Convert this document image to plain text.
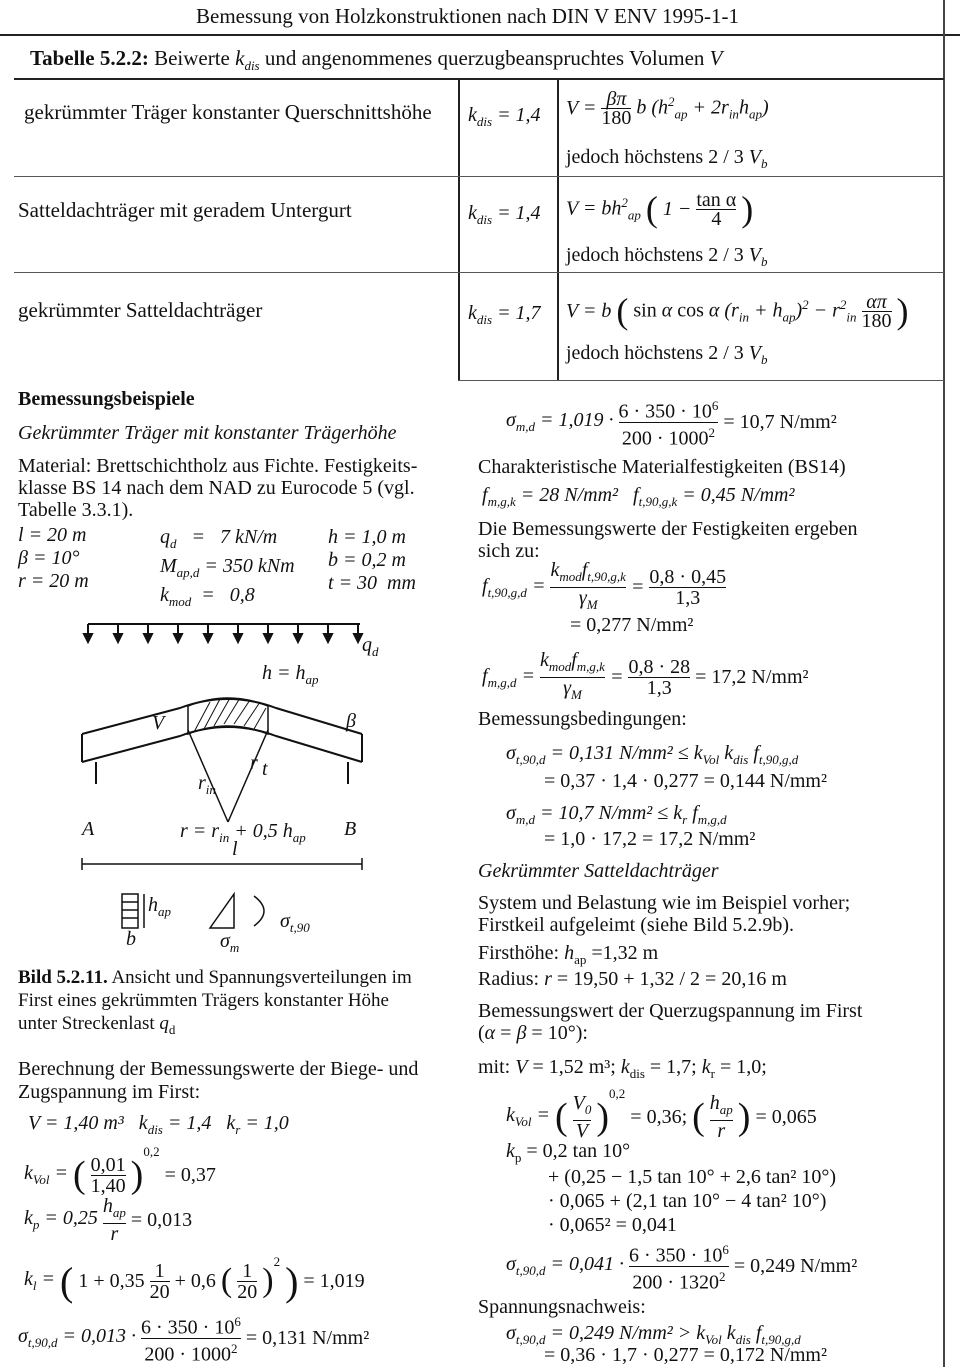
Bemessung von Holzkonstruktionen nach DIN V ENV 1995-1-1
Tabelle 5.2.2: Beiwerte $k_{dis}$ und angenommenes querzugbeanspruchtes Volumen V
gekrümmter Träger konstanter Querschnittshöhe $k_{dis} = 1,4$ $V = \frac{\beta\pi}{180}$ b $(h^2_{ap} + 2r_{in}h_{ap})$
jedoch höchstens 2 / 3 $V_b$
Satteldachträger mit geradem Untergurt	$k_{dis} = 1,4$ $V = bh^2_{ap}$ ( $1 - \frac{\text{tan α}}{4}$ )
jedoch höchstens 2 / 3 $V_b$
gekrümmter Satteldachträger	$k_{dis} = 1,7$ V = b ( sin α cos α $(r_{in} + h_{ap})^2 - r^2_{in} \frac{\alpha\pi}{180}$ )
jedoch höchstens 2 / 3 $V_b$
Bemessungsbeispiele
Gekrümmter Träger mit konstanter Trägerhöhe
Material: Brettschichtholz aus Fichte. Festigkeits-
klasse BS 14 nach dem NAD zu Eurocode 5 (vgl.
Tabelle 3.3.1).
l = 20 m
β = 10°
r = 20 m
$q_d = 7$ kN/m
$M_{ap,d} = 350$ kNm
$k_{mod} = 0,8$
h = 1,0 m
b = 0,2 m
t = 30  mm
$q_d$
$h = h_{ap}$
V	β
r t
$r_{in}$
A	B
$r = r_{in} + 0,5$ $h_{ap}$
l
$h_{ap}$
b	$\sigma_m$
$\sigma_{t,90}$
Bild 5.2.11. Ansicht und Spannungsverteilungen im
First eines gekrümmten Trägers konstanter Höhe
unter Streckenlast $q_d$
Berechnung der Bemessungswerte der Biege- und
Zugspannung im First:
V = 1,40 m³   $k_{dis} = 1,4$   $k_r = 1,0$
$k_{Vol}$ = ( $\frac{0,01}{1,40} )^{0,2} = 0,37$
$k_p = 0,25$
$h_{ap}$
r
= 0,013
$k_l$ = ( $1 + 0,35 \frac{1}{20} + 0,6$ ( $\frac{1}{20} )^2$ ) = 1,019
$\sigma_{t,90,d} = 0,013 \cdot \frac{6 \cdot 350 \cdot 10^6}{200 \cdot 1000^2} = 0,131$ N/mm²
$\sigma_{m,d} = 1,019 \cdot \frac{6 \cdot 350 \cdot 10^6}{200 \cdot 1000^2} = 10,7$ N/mm²
Charakteristische Materialfestigkeiten (BS14)
$f_{m,g,k} = 28$ N/mm²   $f_{t,90,g,k} = 0,45$ N/mm²
Die Bemessungswerte der Festigkeiten ergeben
sich zu:
$f_{t,90,g,d}$ =
$k_{mod}f_{t,90,g,k}$
$\gamma_M$
= $\frac{0,8 \cdot 0,45}{1,3}$
= 0,277 N/mm²
$f_{m,g,d}$ =
$k_{mod}f_{m,g,k}$
$\gamma_M$
= $\frac{0,8 \cdot 28}{1,3} = 17,2$ N/mm²
Bemessungsbedingungen:
$\sigma_{t,90,d} = 0,131$ $N/mm^2 \le k_{Vol}$ $k_{dis}$ $f_{t,90,g,d}$
= 0,37 · 1,4 · 0,277 = 0,144 N/mm²
$\sigma_{m,d} = 10,7$ $N/mm^2 \le k_r$ $f_{m,g,d}$
= 1,0 · 17,2 = 17,2 N/mm²
Gekrümmter Satteldachträger
System und Belastung wie im Beispiel vorher;
Firstkeil aufgeleimt (siehe Bild 5.2.9b).
Firsthöhe: $h_{ap} =1,32$ m
Radius: r = 19,50 + 1,32 / 2 = 20,16 m
Bemessungswert der Querzugspannung im First
(α = β = 10°):
mit: V = 1,52 m³; $k_{dis} = 1,7$; $k_r = 1,0$;
$k_{Vol}$ = ( $\frac{V_0}{V} )^{0,2} = 0,36$; ( $h_{ap}$
r ) = 0,065
$k_p = 0,2$ tan 10°
+ (0,25 − 1,5 tan 10° + 2,6 tan² 10°)
· 0,065 + (2,1 tan 10° − 4 tan² 10°)
· 0,065² = 0,041
$\sigma_{t,90,d} = 0,041 \cdot \frac{6 \cdot 350 \cdot 10^6}{200 \cdot 1320^2} = 0,249$ N/mm²
Spannungsnachweis:
$\sigma_{t,90,d} = 0,249$ $N/mm^2 > k_{Vol}$ $k_{dis}$ $f_{t,90,g,d}$
= 0,36 · 1,7 · 0,277 = 0,172 N/mm²
